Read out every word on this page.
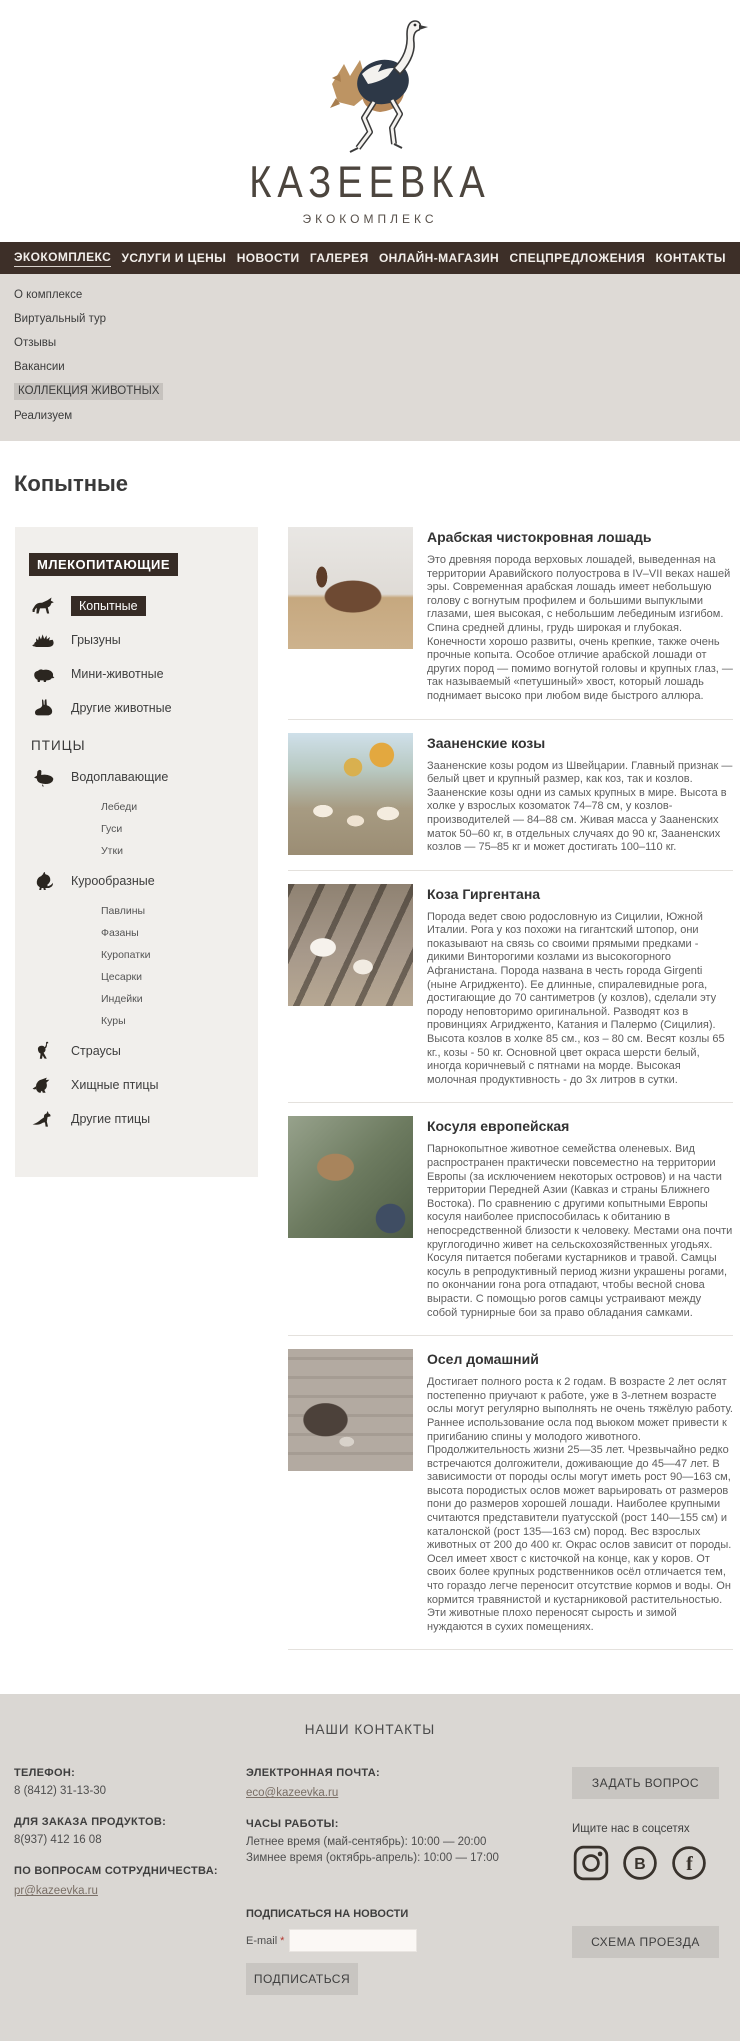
КАЗЕЕВКА
ЭКОКОМПЛЕКС
ЭКОКОМПЛЕКС УСЛУГИ И ЦЕНЫ НОВОСТИ ГАЛЕРЕЯ ОНЛАЙН-МАГАЗИН СПЕЦПРЕДЛОЖЕНИЯ КОНТАКТЫ
О комплексе
Виртуальный тур
Отзывы
Вакансии
КОЛЛЕКЦИЯ ЖИВОТНЫХ
Реализуем
Копытные
МЛЕКОПИТАЮЩИЕ
Копытные
Грызуны
Мини-животные
Другие животные
ПТИЦЫ
Водоплавающие
Лебеди
Гуси
Утки
Курообразные
Павлины
Фазаны
Куропатки
Цесарки
Индейки
Куры
Страусы
Хищные птицы
Другие птицы
Арабская чистокровная лошадь

Это древняя порода верховых лошадей, выведенная на территории Аравийского полуострова в IV–VII веках нашей эры. Современная арабская лошадь имеет небольшую голову с вогнутым профилем и большими выпуклыми глазами, шея высокая, с небольшим лебединым изгибом. Спина средней длины, грудь широкая и глубокая. Конечности хорошо развиты, очень крепкие, также очень прочные копыта. Особое отличие арабской лошади от других пород — помимо вогнутой головы и крупных глаз, — так называемый «петушиный» хвост, который лошадь поднимает высоко при любом виде быстрого аллюра.

Зааненские козы

Зааненские козы родом из Швейцарии. Главный признак — белый цвет и крупный размер, как коз, так и козлов. Зааненские козы одни из самых крупных в мире. Высота в холке у взрослых козоматок 74–78 см, у козлов-производителей — 84–88 см. Живая масса у Зааненских маток 50–60 кг, в отдельных случаях до 90 кг, Зааненских козлов — 75–85 кг и может достигать 100–110 кг.

Коза Гиргентана

Порода ведет свою родословную из Сицилии, Южной Италии. Рога у коз похожи на гигантский штопор, они показывают на связь со своими прямыми предками - дикими Винторогими козлами из высокогорного Афганистана. Порода названа в честь города Girgenti (ныне Агридженто). Ее длинные, спиралевидные рога, достигающие до 70 сантиметров (у козлов), сделали эту породу неповторимо оригинальной. Разводят коз в провинциях Агридженто, Катания и Палермо (Сицилия). Высота козлов в холке 85 см., коз – 80 см. Весят козлы 65 кг., козы - 50 кг. Основной цвет окраса шерсти белый, иногда коричневый с пятнами на морде. Высокая молочная продуктивность - до 3х литров в сутки.

Косуля европейская

Парнокопытное животное семейства оленевых. Вид распространен практически повсеместно на территории Европы (за исключением некоторых островов) и на части территории Передней Азии (Кавказ и страны Ближнего Востока). По сравнению с другими копытными Европы косуля наиболее приспособилась к обитанию в непосредственной близости к человеку. Местами она почти круглогодично живет на сельскохозяйственных угодьях. Косуля питается побегами кустарников и травой. Самцы косуль в репродуктивный период жизни украшены рогами, по окончании гона рога отпадают, чтобы весной снова вырасти. С помощью рогов самцы устраивают между собой турнирные бои за право обладания самками.

Осел домашний

Достигает полного роста к 2 годам. В возрасте 2 лет ослят постепенно приучают к работе, уже в 3-летнем возрасте ослы могут регулярно выполнять не очень тяжёлую работу. Раннее использование осла под вьюком может привести к пригибанию спины у молодого животного. Продолжительность жизни 25—35 лет. Чрезвычайно редко встречаются долгожители, доживающие до 45—47 лет. В зависимости от породы ослы могут иметь рост 90—163 см, высота породистых ослов может варьировать от размеров пони до размеров хорошей лошади. Наиболее крупными считаются представители пуатусской (рост 140—155 см) и каталонской (рост 135—163 см) пород. Вес взрослых животных от 200 до 400 кг. Окрас ослов зависит от породы. Осел имеет хвост с кисточкой на конце, как у коров. От своих более крупных родственников осёл отличается тем, что гораздо легче переносит отсутствие кормов и воды. Он кормится травянистой и кустарниковой растительностью. Эти животные плохо переносят сырость и зимой нуждаются в сухих помещениях.

НАШИ КОНТАКТЫ
ТЕЛЕФОН:
8 (8412) 31-13-30
ДЛЯ ЗАКАЗА ПРОДУКТОВ:
8(937) 412 16 08
ПО ВОПРОСАМ СОТРУДНИЧЕСТВА:
pr@kazeevka.ru
ЭЛЕКТРОННАЯ ПОЧТА:
eco@kazeevka.ru
ЧАСЫ РАБОТЫ:
Летнее время (май-сентябрь): 10:00 — 20:00
Зимнее время (октябрь-апрель): 10:00 — 17:00
ПОДПИСАТЬСЯ НА НОВОСТИ
E-mail *
ПОДПИСАТЬСЯ
ЗАДАТЬ ВОПРОС
Ищите нас в соцсетях
В f
СХЕМА ПРОЕЗДА
